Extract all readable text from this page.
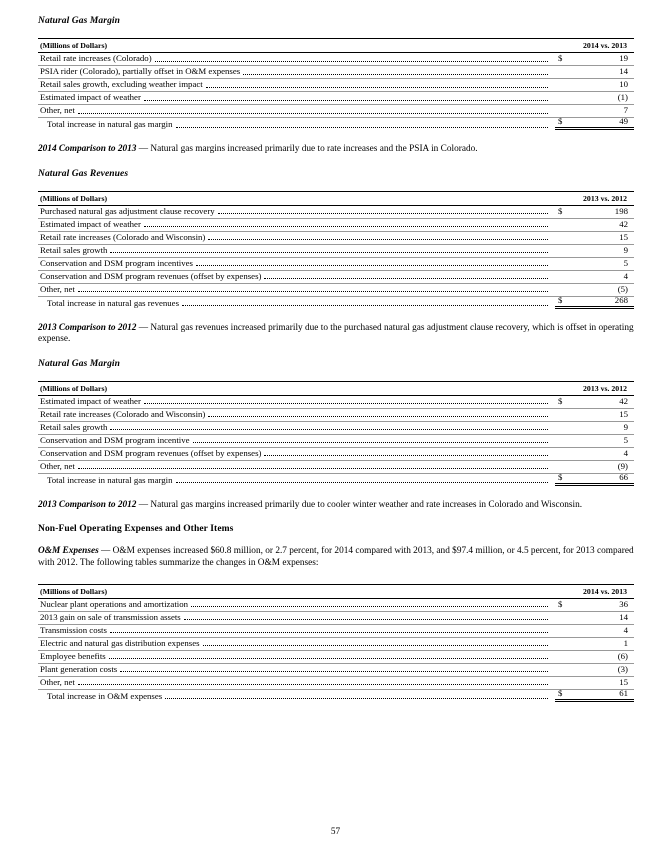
Natural Gas Margin
(Millions of Dollars)	2014 vs. 2013
Retail rate increases (Colorado)	$	19
PSIA rider (Colorado), partially offset in O&M expenses	14
Retail sales growth, excluding weather impact	10
Estimated impact of weather	(1)
Other, net	7
Total increase in natural gas margin	$	49

2014 Comparison to 2013 — Natural gas margins increased primarily due to rate increases and the PSIA in Colorado.

Natural Gas Revenues
(Millions of Dollars)	2013 vs. 2012
Purchased natural gas adjustment clause recovery	$	198
Estimated impact of weather	42
Retail rate increases (Colorado and Wisconsin)	15
Retail sales growth	9
Conservation and DSM program incentives	5
Conservation and DSM program revenues (offset by expenses)	4
Other, net	(5)
Total increase in natural gas revenues	$	268

2013 Comparison to 2012 — Natural gas revenues increased primarily due to the purchased natural gas adjustment clause recovery, which is offset in operating expense.

Natural Gas Margin
(Millions of Dollars)	2013 vs. 2012
Estimated impact of weather	$	42
Retail rate increases (Colorado and Wisconsin)	15
Retail sales growth	9
Conservation and DSM program incentive	5
Conservation and DSM program revenues (offset by expenses)	4
Other, net	(9)
Total increase in natural gas margin	$	66

2013 Comparison to 2012 — Natural gas margins increased primarily due to cooler winter weather and rate increases in Colorado and Wisconsin.

Non-Fuel Operating Expenses and Other Items

O&M Expenses — O&M expenses increased $60.8 million, or 2.7 percent, for 2014 compared with 2013, and $97.4 million, or 4.5 percent, for 2013 compared with 2012. The following tables summarize the changes in O&M expenses:

(Millions of Dollars)	2014 vs. 2013
Nuclear plant operations and amortization	$	36
2013 gain on sale of transmission assets	14
Transmission costs	4
Electric and natural gas distribution expenses	1
Employee benefits	(6)
Plant generation costs	(3)
Other, net	15
Total increase in O&M expenses	$	61
57
